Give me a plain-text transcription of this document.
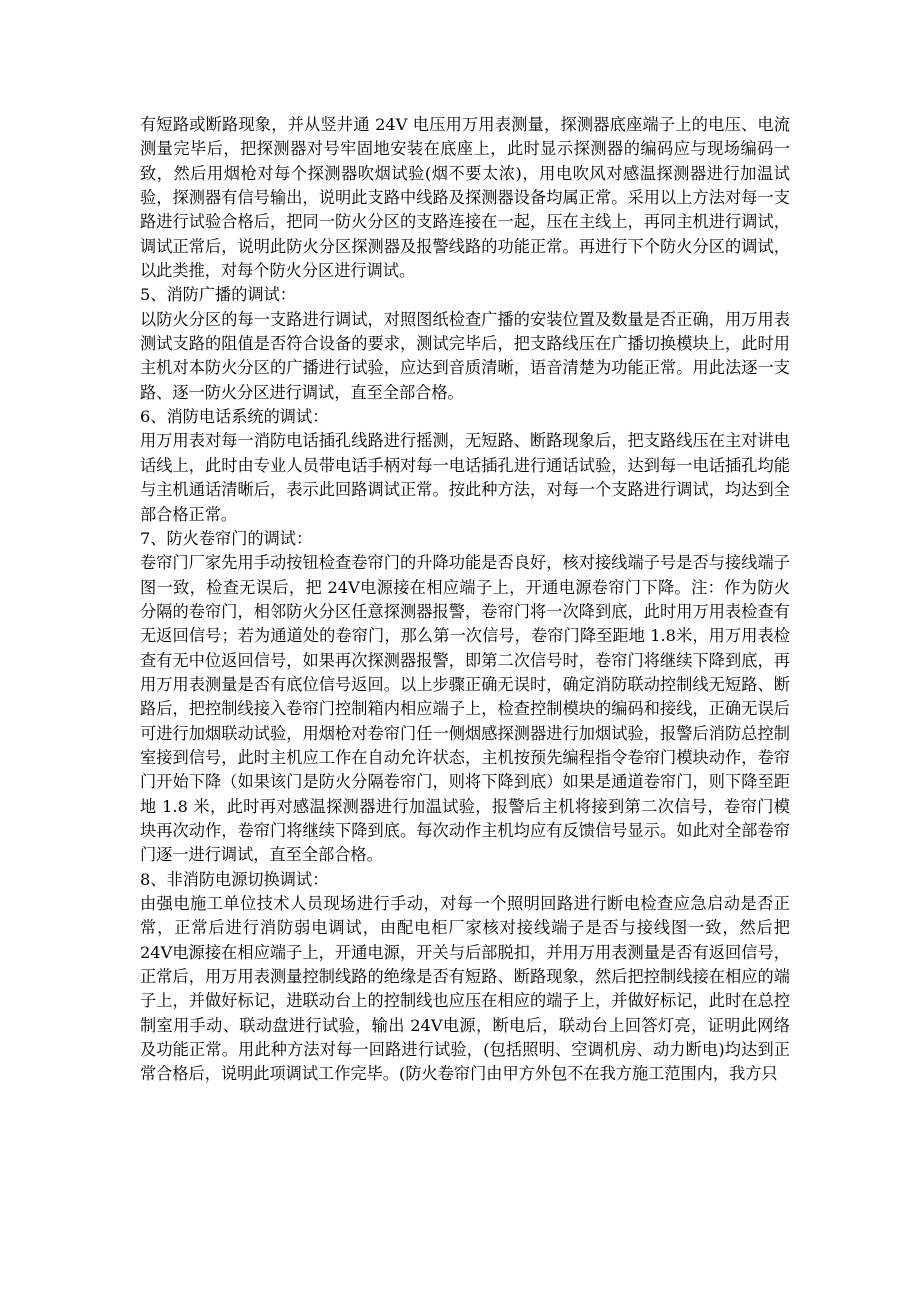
有短路或断路现象，并从竖井通 24V 电压用万用表测量，探测器底座端子上的电压、电流测量完毕后，把探测器对号牢固地安装在底座上，此时显示探测器的编码应与现场编码一致，然后用烟枪对每个探测器吹烟试验(烟不要太浓)，用电吹风对感温探测器进行加温试验，探测器有信号输出，说明此支路中线路及探测器设备均属正常。采用以上方法对每一支路进行试验合格后，把同一防火分区的支路连接在一起，压在主线上，再同主机进行调试，调试正常后，说明此防火分区探测器及报警线路的功能正常。再进行下个防火分区的调试，以此类推，对每个防火分区进行调试。

5、消防广播的调试：

以防火分区的每一支路进行调试，对照图纸检查广播的安装位置及数量是否正确，用万用表测试支路的阻值是否符合设备的要求，测试完毕后，把支路线压在广播切换模块上，此时用主机对本防火分区的广播进行试验，应达到音质清晰，语音清楚为功能正常。用此法逐一支路、逐一防火分区进行调试，直至全部合格。

6、消防电话系统的调试：

用万用表对每一消防电话插孔线路进行摇测，无短路、断路现象后，把支路线压在主对讲电话线上，此时由专业人员带电话手柄对每一电话插孔进行通话试验，达到每一电话插孔均能与主机通话清晰后，表示此回路调试正常。按此种方法，对每一个支路进行调试，均达到全部合格正常。

7、防火卷帘门的调试：

卷帘门厂家先用手动按钮检查卷帘门的升降功能是否良好，核对接线端子号是否与接线端子图一致，检查无误后，把 24V电源接在相应端子上，开通电源卷帘门下降。注：作为防火分隔的卷帘门，相邻防火分区任意探测器报警，卷帘门将一次降到底，此时用万用表检查有无返回信号；若为通道处的卷帘门，那么第一次信号，卷帘门降至距地 1.8米，用万用表检查有无中位返回信号，如果再次探测器报警，即第二次信号时，卷帘门将继续下降到底，再用万用表测量是否有底位信号返回。以上步骤正确无误时，确定消防联动控制线无短路、断路后，把控制线接入卷帘门控制箱内相应端子上，检查控制模块的编码和接线，正确无误后可进行加烟联动试验，用烟枪对卷帘门任一侧烟感探测器进行加烟试验，报警后消防总控制室接到信号，此时主机应工作在自动允许状态，主机按预先编程指令卷帘门模块动作，卷帘门开始下降（如果该门是防火分隔卷帘门，则将下降到底）如果是通道卷帘门，则下降至距地 1.8 米，此时再对感温探测器进行加温试验，报警后主机将接到第二次信号，卷帘门模块再次动作，卷帘门将继续下降到底。每次动作主机均应有反馈信号显示。如此对全部卷帘门逐一进行调试，直至全部合格。

8、非消防电源切换调试：

由强电施工单位技术人员现场进行手动，对每一个照明回路进行断电检查应急启动是否正常，正常后进行消防弱电调试，由配电柜厂家核对接线端子是否与接线图一致，然后把 24V电源接在相应端子上，开通电源，开关与后部脱扣，并用万用表测量是否有返回信号，正常后，用万用表测量控制线路的绝缘是否有短路、断路现象，然后把控制线接在相应的端子上，并做好标记，进联动台上的控制线也应压在相应的端子上，并做好标记，此时在总控制室用手动、联动盘进行试验，输出 24V电源，断电后，联动台上回答灯亮，证明此网络及功能正常。用此种方法对每一回路进行试验，(包括照明、空调机房、动力断电)均达到正常合格后，说明此项调试工作完毕。(防火卷帘门由甲方外包不在我方施工范围内，我方只
